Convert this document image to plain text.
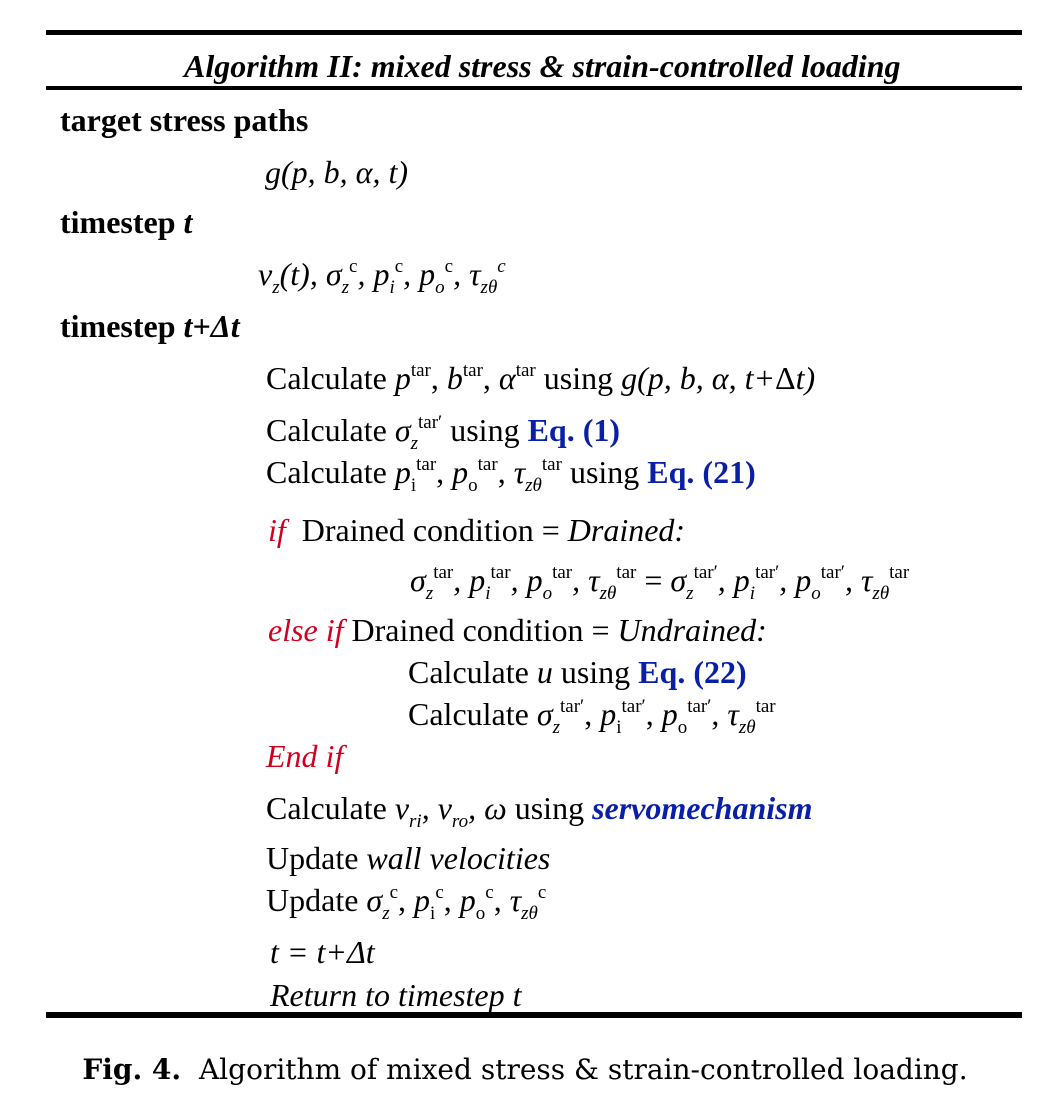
Algorithm II: mixed stress & strain-controlled loading
target stress paths
g(p, b, α, t)
timestep t
$v_z(t)$, $\sigma_z^c$, $p_i^c$, $p_o^c$, $\tau_{z\theta}^c$
timestep t+Δt
Calculate $p^{tar}$, $b^{tar}$, $\alpha^{tar}$ using g(p, b, α, t+Δt)
Calculate $\sigma_z^{tar'}$ using Eq. (1)
Calculate $p_i^{tar}$, $p_o^{tar}$, $\tau_{z\theta}^{tar}$ using Eq. (21)
if Drained condition = Drained:
$\sigma_z^{tar}$, $p_i^{tar}$, $p_o^{tar}$, $\tau_{z\theta}^{tar} = \sigma_z^{tar'}$, $p_i^{tar'}$, $p_o^{tar'}$, $\tau_{z\theta}^{tar}$
else if Drained condition = Undrained:
Calculate u using Eq. (22)
Calculate $\sigma_z^{tar'}$, $p_i^{tar'}$, $p_o^{tar'}$, $\tau_{z\theta}^{tar}$
End if
Calculate $v_{ri}$, $v_{ro}$, ω using servomechanism
Update wall velocities
Update $\sigma_z^c$, $p_i^c$, $p_o^c$, $\tau_{z\theta}^c$
t = t+Δt
Return to timestep t
Fig. 4. Algorithm of mixed stress & strain-controlled loading.
